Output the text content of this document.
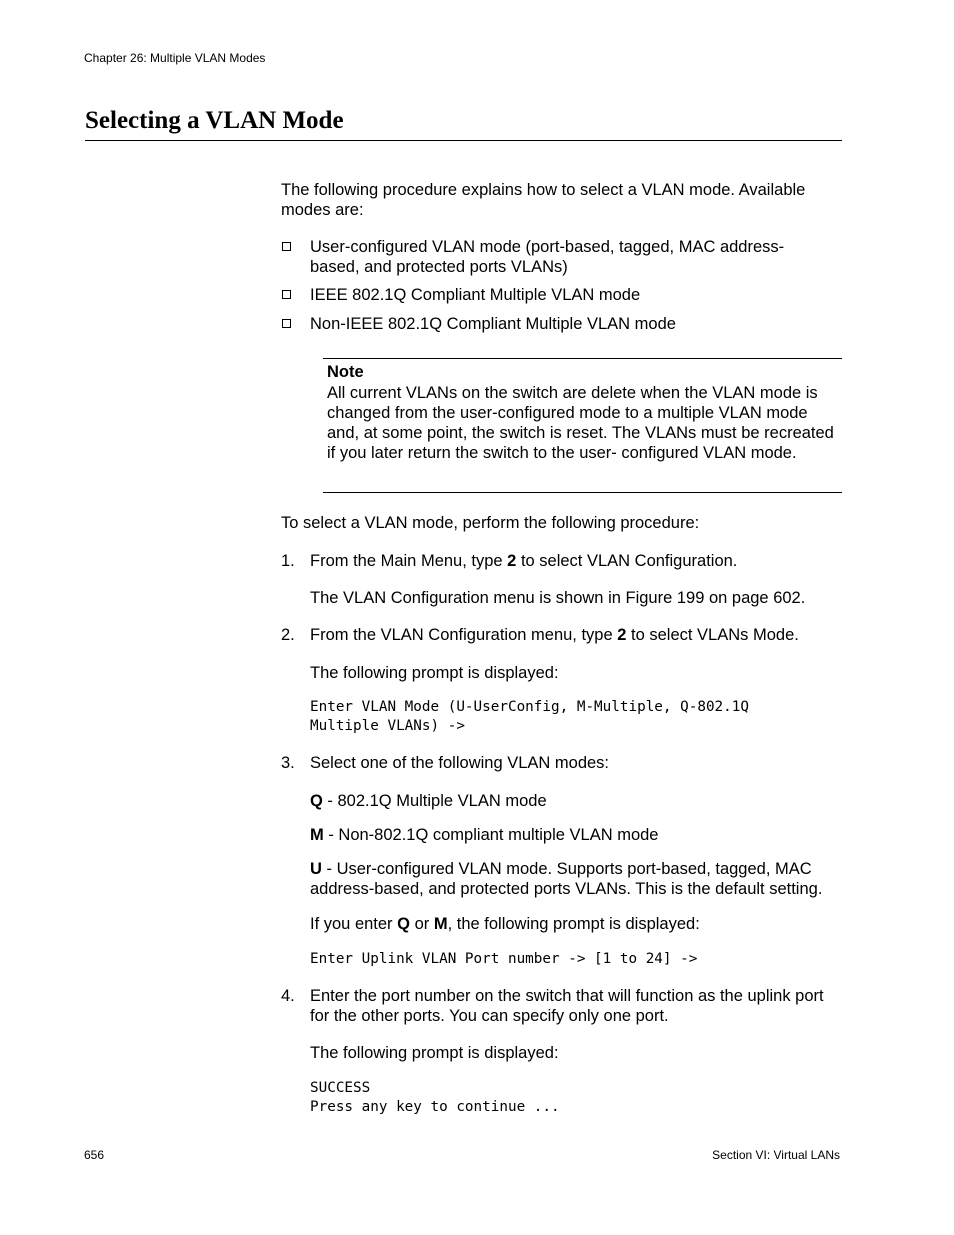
Chapter 26: Multiple VLAN Modes
Selecting a VLAN Mode
The following procedure explains how to select a VLAN mode. Available modes are:
User-configured VLAN mode (port-based, tagged, MAC address-based, and protected ports VLANs)
IEEE 802.1Q Compliant Multiple VLAN mode
Non-IEEE 802.1Q Compliant Multiple VLAN mode
Note
All current VLANs on the switch are delete when the VLAN mode is changed from the user-configured mode to a multiple VLAN mode and, at some point, the switch is reset. The VLANs must be recreated if you later return the switch to the user- configured VLAN mode.
To select a VLAN mode, perform the following procedure:
1. From the Main Menu, type 2 to select VLAN Configuration.
The VLAN Configuration menu is shown in Figure 199 on page 602.
2. From the VLAN Configuration menu, type 2 to select VLANs Mode.
The following prompt is displayed:
Enter VLAN Mode (U-UserConfig, M-Multiple, Q-802.1Q
Multiple VLANs) ->
3. Select one of the following VLAN modes:
Q - 802.1Q Multiple VLAN mode
M - Non-802.1Q compliant multiple VLAN mode
U - User-configured VLAN mode. Supports port-based, tagged, MAC address-based, and protected ports VLANs. This is the default setting.
If you enter Q or M, the following prompt is displayed:
Enter Uplink VLAN Port number -> [1 to 24] ->
4. Enter the port number on the switch that will function as the uplink port for the other ports. You can specify only one port.
The following prompt is displayed:
SUCCESS
Press any key to continue ...
656	Section VI: Virtual LANs
